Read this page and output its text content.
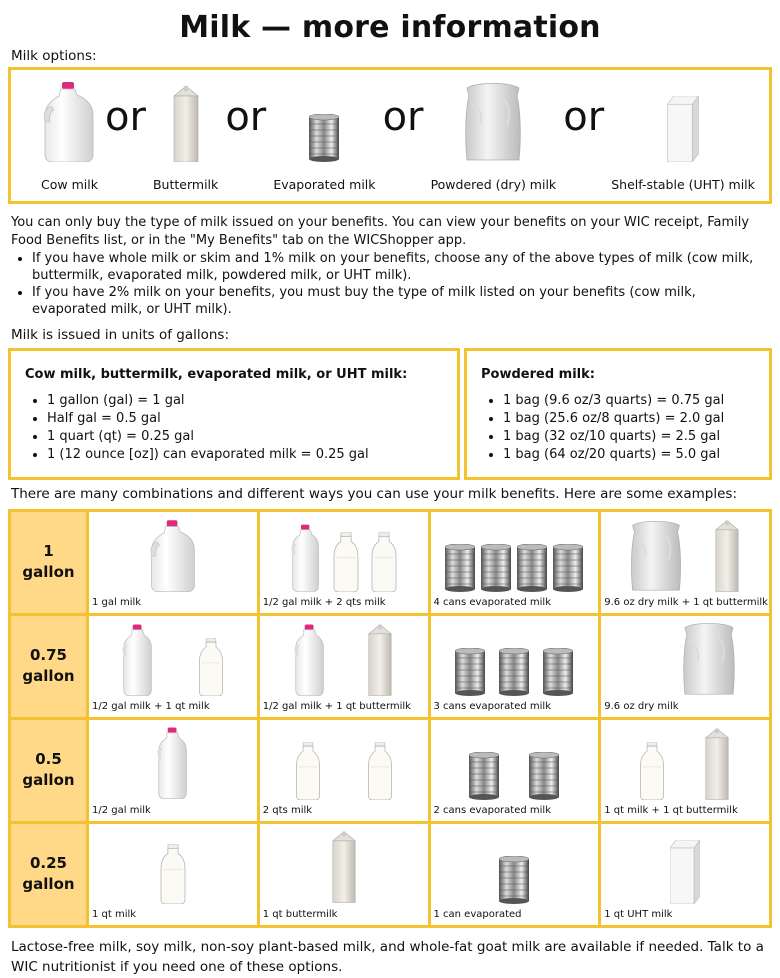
Milk — more information
Milk options:
Cow milk
or
Buttermilk
or
Evaporated milk
or
Powdered (dry) milk
or
Shelf-stable (UHT) milk
You can only buy the type of milk issued on your benefits. You can view your benefits on your WIC receipt, Family Food Benefits list, or in the "My Benefits" tab on the WICShopper app.
• If you have whole milk or skim and 1% milk on your benefits, choose any of the above types of milk (cow milk, buttermilk, evaporated milk, powdered milk, or UHT milk).
• If you have 2% milk on your benefits, you must buy the type of milk listed on your benefits (cow milk, evaporated milk, or UHT milk).
Milk is issued in units of gallons:
Cow milk, buttermilk, evaporated milk, or UHT milk:
• 1 gallon (gal) = 1 gal
• Half gal = 0.5 gal
• 1 quart (qt) = 0.25 gal
• 1 (12 ounce [oz]) can evaporated milk = 0.25 gal
Powdered milk:
• 1 bag (9.6 oz/3 quarts) = 0.75 gal
• 1 bag (25.6 oz/8 quarts) = 2.0 gal
• 1 bag (32 oz/10 quarts) = 2.5 gal
• 1 bag (64 oz/20 quarts) = 5.0 gal
There are many combinations and different ways you can use your milk benefits. Here are some examples:
1
gallon	1 gal milk	1/2 gal milk + 2 qts milk	4 cans evaporated milk	9.6 oz dry milk + 1 qt buttermilk

0.75
gallon	1/2 gal milk + 1 qt milk	1/2 gal milk + 1 qt buttermilk	3 cans evaporated milk	9.6 oz dry milk

0.5
gallon	1/2 gal milk	2 qts milk	2 cans evaporated milk	1 qt milk + 1 qt buttermilk

0.25
gallon	1 qt milk	1 qt buttermilk	1 can evaporated	1 qt UHT milk
Lactose-free milk, soy milk, non-soy plant-based milk, and whole-fat goat milk are available if needed. Talk to a WIC nutritionist if you need one of these options.
